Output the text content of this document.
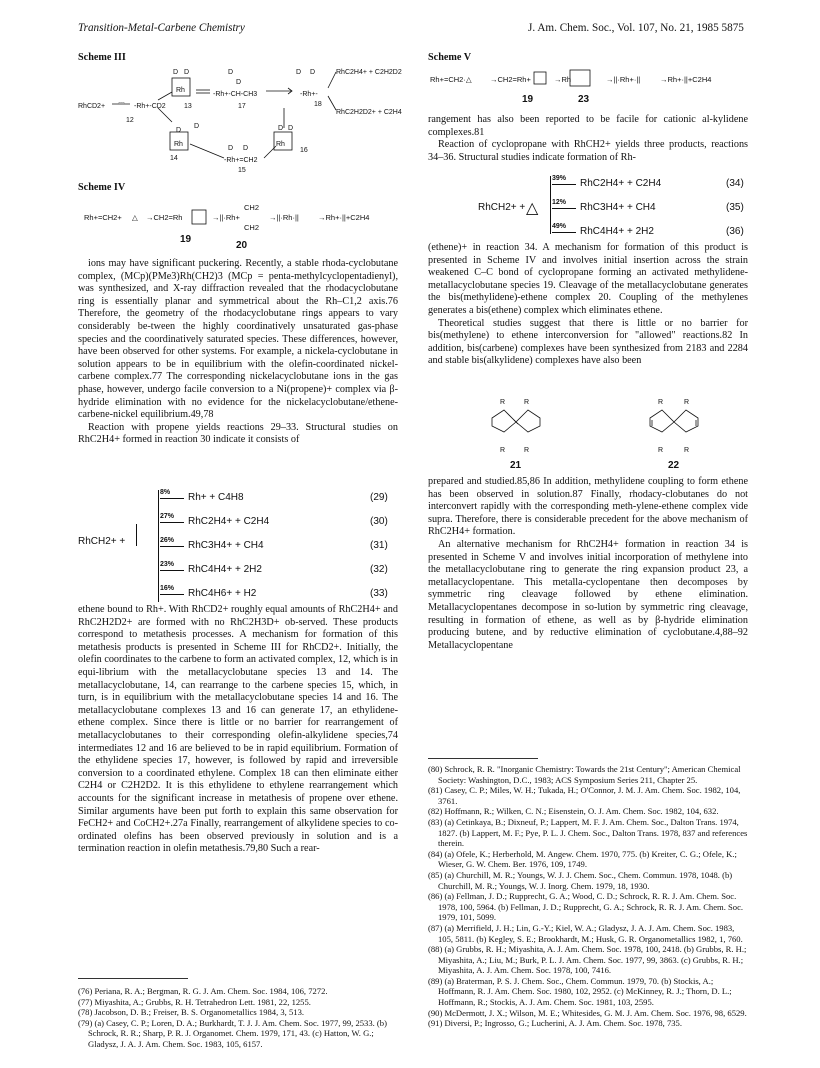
Transition-Metal-Carbene Chemistry	J. Am. Chem. Soc., Vol. 107, No. 21, 1985 5875
Scheme III
RhCD2+ ⌒ -Rh+-CD2
12
D D
Rh
13
D
D
-Rh+-CH-CH3
17
D D
-Rh+-
18
RhC2H4+ + C2H2D2
RhC2H2D2+ + C2H4
D
D
Rh
14
D D
Rh
16
D D
-Rh+=CH2
15
Scheme IV
Rh+=CH2+ △ →CH2=Rh	→||·Rh+
CH2
CH2
→||·Rh·||	→Rh+·||+C2H4
19
20

ions may have significant puckering. Recently, a stable rhoda-cyclobutane complex, (MCp)(PMe3)Rh(CH2)3 (MCp = penta-methylcyclopentadienyl), was synthesized, and X-ray diffraction revealed that the rhodacyclobutane ring is essentially planar and symmetrical about the Rh–C1,2 axis.76 Therefore, the geometry of the rhodacyclobutane rings appears to vary considerably be-tween the highly coordinatively unsaturated gas-phase species and the coordinatively saturated species. These differences, however, have been observed for other systems. For example, a nickela-cyclobutane in solution appears to be in equilibrium with the olefin-coordinated nickel-carbene complex.77 The corresponding nickelacyclobutane ions in the gas phase, however, undergo facile conversion to a Ni(propene)+ complex via β-hydride elimination with no evidence for the nickelacyclobutane/ethene-carbene-nickel equilibrium.49,78

Reaction with propene yields reactions 29–33. Structural studies on RhC2H4+ formed in reaction 30 indicate it consists of

RhCH2+ +
8% Rh+ + C4H8	(29)
27% RhC2H4+ + C2H4	(30)
26% RhC3H4+ + CH4	(31)
23% RhC4H4+ + 2H2	(32)
16% RhC4H6+ + H2	(33)

ethene bound to Rh+. With RhCD2+ roughly equal amounts of RhC2H4+ and RhC2H2D2+ are formed with no RhC2H3D+ ob-served. These products correspond to metathesis processes. A mechanism for formation of this metathesis products is presented in Scheme III for RhCD2+. Initially, the olefin coordinates to the carbene to form an activated complex, 12, which is in equi-librium with the metallacyclobutane species 13 and 14. The metallacyclobutane, 14, can rearrange to the carbene species 15, which, in turn, is in equilibrium with the metallacyclobutane species 14 and 16. The metallacyclobutane complexes 13 and 16 can generate 17, an ethylidene-ethene complex. Since there is little or no barrier for rearrangement of metallacyclobutanes to their corresponding olefin-alkylidene species,74 intermediates 12 and 16 are believed to be in rapid equilibrium. Formation of the ethylidene species 17, however, is followed by rapid and irreversible conversion to a coordinated ethylene. Complex 18 can then eliminate either C2H4 or C2H2D2. It is this ethylidene to ethylene rearrangement which accounts for the significant increase in metathesis of propene over ethene. Similar arguments have been put forth to explain this same observation for FeCH2+ and CoCH2+.27a Finally, rearrangement of alkylidene species to co-ordinated olefins has been observed previously in solution and is a termination reaction in olefin metathesis.79,80 Such a rear-

Scheme V
Rh+=CH2·△ →CH2=Rh+	→Rh	→||·Rh+·||	→Rh+·||+C2H4
19	23

rangement has also been reported to be facile for cationic al-kylidene complexes.81

Reaction of cyclopropane with RhCH2+ yields three products, reactions 34–36. Structural studies indicate formation of Rh-

RhCH2+ + △
39% RhC2H4+ + C2H4	(34)
12% RhC3H4+ + CH4	(35)
49% RhC4H4+ + 2H2	(36)

(ethene)+ in reaction 34. A mechanism for formation of this product is presented in Scheme IV and involves initial insertion across the strain weakened C–C bond of cyclopropane forming an activated methylidene-metallacyclobutane species 19. Cleavage of the metallacyclobutane generates the bis(methylidene)-ethene complex 20. Coupling of the methylenes generates a bis(ethene) complex which eliminates ethene.

Theoretical studies suggest that there is little or no barrier for bis(methylene) to ethene interconversion for "allowed" reactions.82 In addition, bis(carbene) complexes have been synthesized from 2183 and 2284 and stable bis(alkylidene) complexes have also been

R	R
R	R
R	R
R	R
21	22

prepared and studied.85,86 In addition, methylidene coupling to form ethene has been observed in solution.87 Finally, rhodacy-clobutanes do not interconvert rapidly with the corresponding meth-ylene-ethene complex vide supra. Therefore, there is considerable precedent for the above mechanism of RhC2H4+ formation.

An alternative mechanism for RhC2H4+ formation in reaction 34 is presented in Scheme V and involves initial incorporation of methylene into the metallacyclobutane ring to generate the ring expansion product 23, a metallacyclopentane. This metalla-cyclopentane then decomposes by symmetric ring cleavage followed by ethene elimination. Metallacyclopentanes decompose in so-lution by symmetric ring cleavage, resulting in formation of ethene, as well as by β-hydride elimination producing butene, and by reductive elimination of cyclobutane.4,88–92 Metallacyclopentane

(80) Schrock, R. R. "Inorganic Chemistry: Towards the 21st Century"; American Chemical Society: Washington, D.C., 1983; ACS Symposium Series 211, Chapter 25.

(81) Casey, C. P.; Miles, W. H.; Tukada, H.; O'Connor, J. M. J. Am. Chem. Soc. 1982, 104, 3761.

(82) Hoffmann, R.; Wilken, C. N.; Eisenstein, O. J. Am. Chem. Soc. 1982, 104, 632.

(83) (a) Cetinkaya, B.; Dixneuf, P.; Lappert, M. F. J. Am. Chem. Soc., Dalton Trans. 1974, 1827. (b) Lappert, M. F.; Pye, P. L. J. Chem. Soc., Dalton Trans. 1978, 837 and references therein.

(84) (a) Ofele, K.; Herberhold, M. Angew. Chem. 1970, 775. (b) Kreiter, C. G.; Ofele, K.; Wieser, G. W. Chem. Ber. 1976, 109, 1749.

(85) (a) Churchill, M. R.; Youngs, W. J. J. Chem. Soc., Chem. Commun. 1978, 1048. (b) Churchill, M. R.; Youngs, W. J. Inorg. Chem. 1979, 18, 1930.

(86) (a) Fellman, J. D.; Rupprecht, G. A.; Wood, C. D.; Schrock, R. R. J. Am. Chem. Soc. 1978, 100, 5964. (b) Fellman, J. D.; Rupprecht, G. A.; Schrock, R. R. J. Am. Chem. Soc. 1979, 101, 5099.

(87) (a) Merrifield, J. H.; Lin, G.-Y.; Kiel, W. A.; Gladysz, J. A. J. Am. Chem. Soc. 1983, 105, 5811. (b) Kegley, S. E.; Brookhardt, M.; Husk, G. R. Organometallics 1982, 1, 760.

(88) (a) Grubbs, R. H.; Miyashita, A. J. Am. Chem. Soc. 1978, 100, 2418. (b) Grubbs, R. H.; Miyashita, A.; Liu, M.; Burk, P. L. J. Am. Chem. Soc. 1977, 99, 3863. (c) Grubbs, R. H.; Miyashita, A. J. Am. Chem. Soc. 1978, 100, 7416.

(89) (a) Braterman, P. S. J. Chem. Soc., Chem. Commun. 1979, 70. (b) Stockis, A.; Hoffmann, R. J. Am. Chem. Soc. 1980, 102, 2952. (c) McKinney, R. J.; Thorn, D. L.; Hoffmann, R.; Stockis, A. J. Am. Chem. Soc. 1981, 103, 2595.

(90) McDermott, J. X.; Wilson, M. E.; Whitesides, G. M. J. Am. Chem. Soc. 1976, 98, 6529.

(91) Diversi, P.; Ingrosso, G.; Lucherini, A. J. Am. Chem. Soc. 1978, 735.

(76) Periana, R. A.; Bergman, R. G. J. Am. Chem. Soc. 1984, 106, 7272.

(77) Miyashita, A.; Grubbs, R. H. Tetrahedron Lett. 1981, 22, 1255.

(78) Jacobson, D. B.; Freiser, B. S. Organometallics 1984, 3, 513.

(79) (a) Casey, C. P.; Loren, D. A.; Burkhardt, T. J. J. Am. Chem. Soc. 1977, 99, 2533. (b) Schrock, R. R.; Sharp, P. R. J. Organomet. Chem. 1979, 171, 43. (c) Hatton, W. G.; Gladysz, J. A. J. Am. Chem. Soc. 1983, 105, 6157.
